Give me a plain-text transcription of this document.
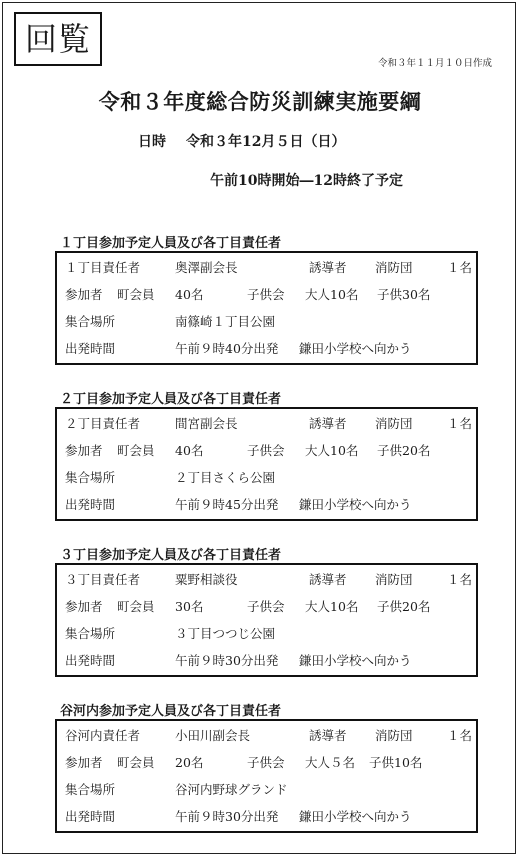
回覧
令和３年１１月１０日作成
令和３年度総合防災訓練実施要綱
日時 令和３年12月５日（日）
午前10時開始―12時終了予定
１丁目参加予定人員及び各丁目責任者
１丁目責任者	奥澤副会長	誘導者 消防団	１名
参加者 町会員 40名	子供会 大人10名 子供30名
集合場所	南篠崎１丁目公園
出発時間	午前９時40分出発 鎌田小学校へ向かう
２丁目参加予定人員及び各丁目責任者
２丁目責任者	間宮副会長	誘導者 消防団	１名
参加者 町会員 40名	子供会 大人10名 子供20名
集合場所	２丁目さくら公園
出発時間	午前９時45分出発 鎌田小学校へ向かう
３丁目参加予定人員及び各丁目責任者
３丁目責任者	粟野相談役	誘導者 消防団	１名
参加者 町会員 30名	子供会 大人10名 子供20名
集合場所	３丁目つつじ公園
出発時間	午前９時30分出発 鎌田小学校へ向かう
谷河内参加予定人員及び各丁目責任者
谷河内責任者	小田川副会長	誘導者 消防団	１名
参加者 町会員 20名	子供会 大人５名 子供10名
集合場所	谷河内野球グランド
出発時間	午前９時30分出発 鎌田小学校へ向かう
